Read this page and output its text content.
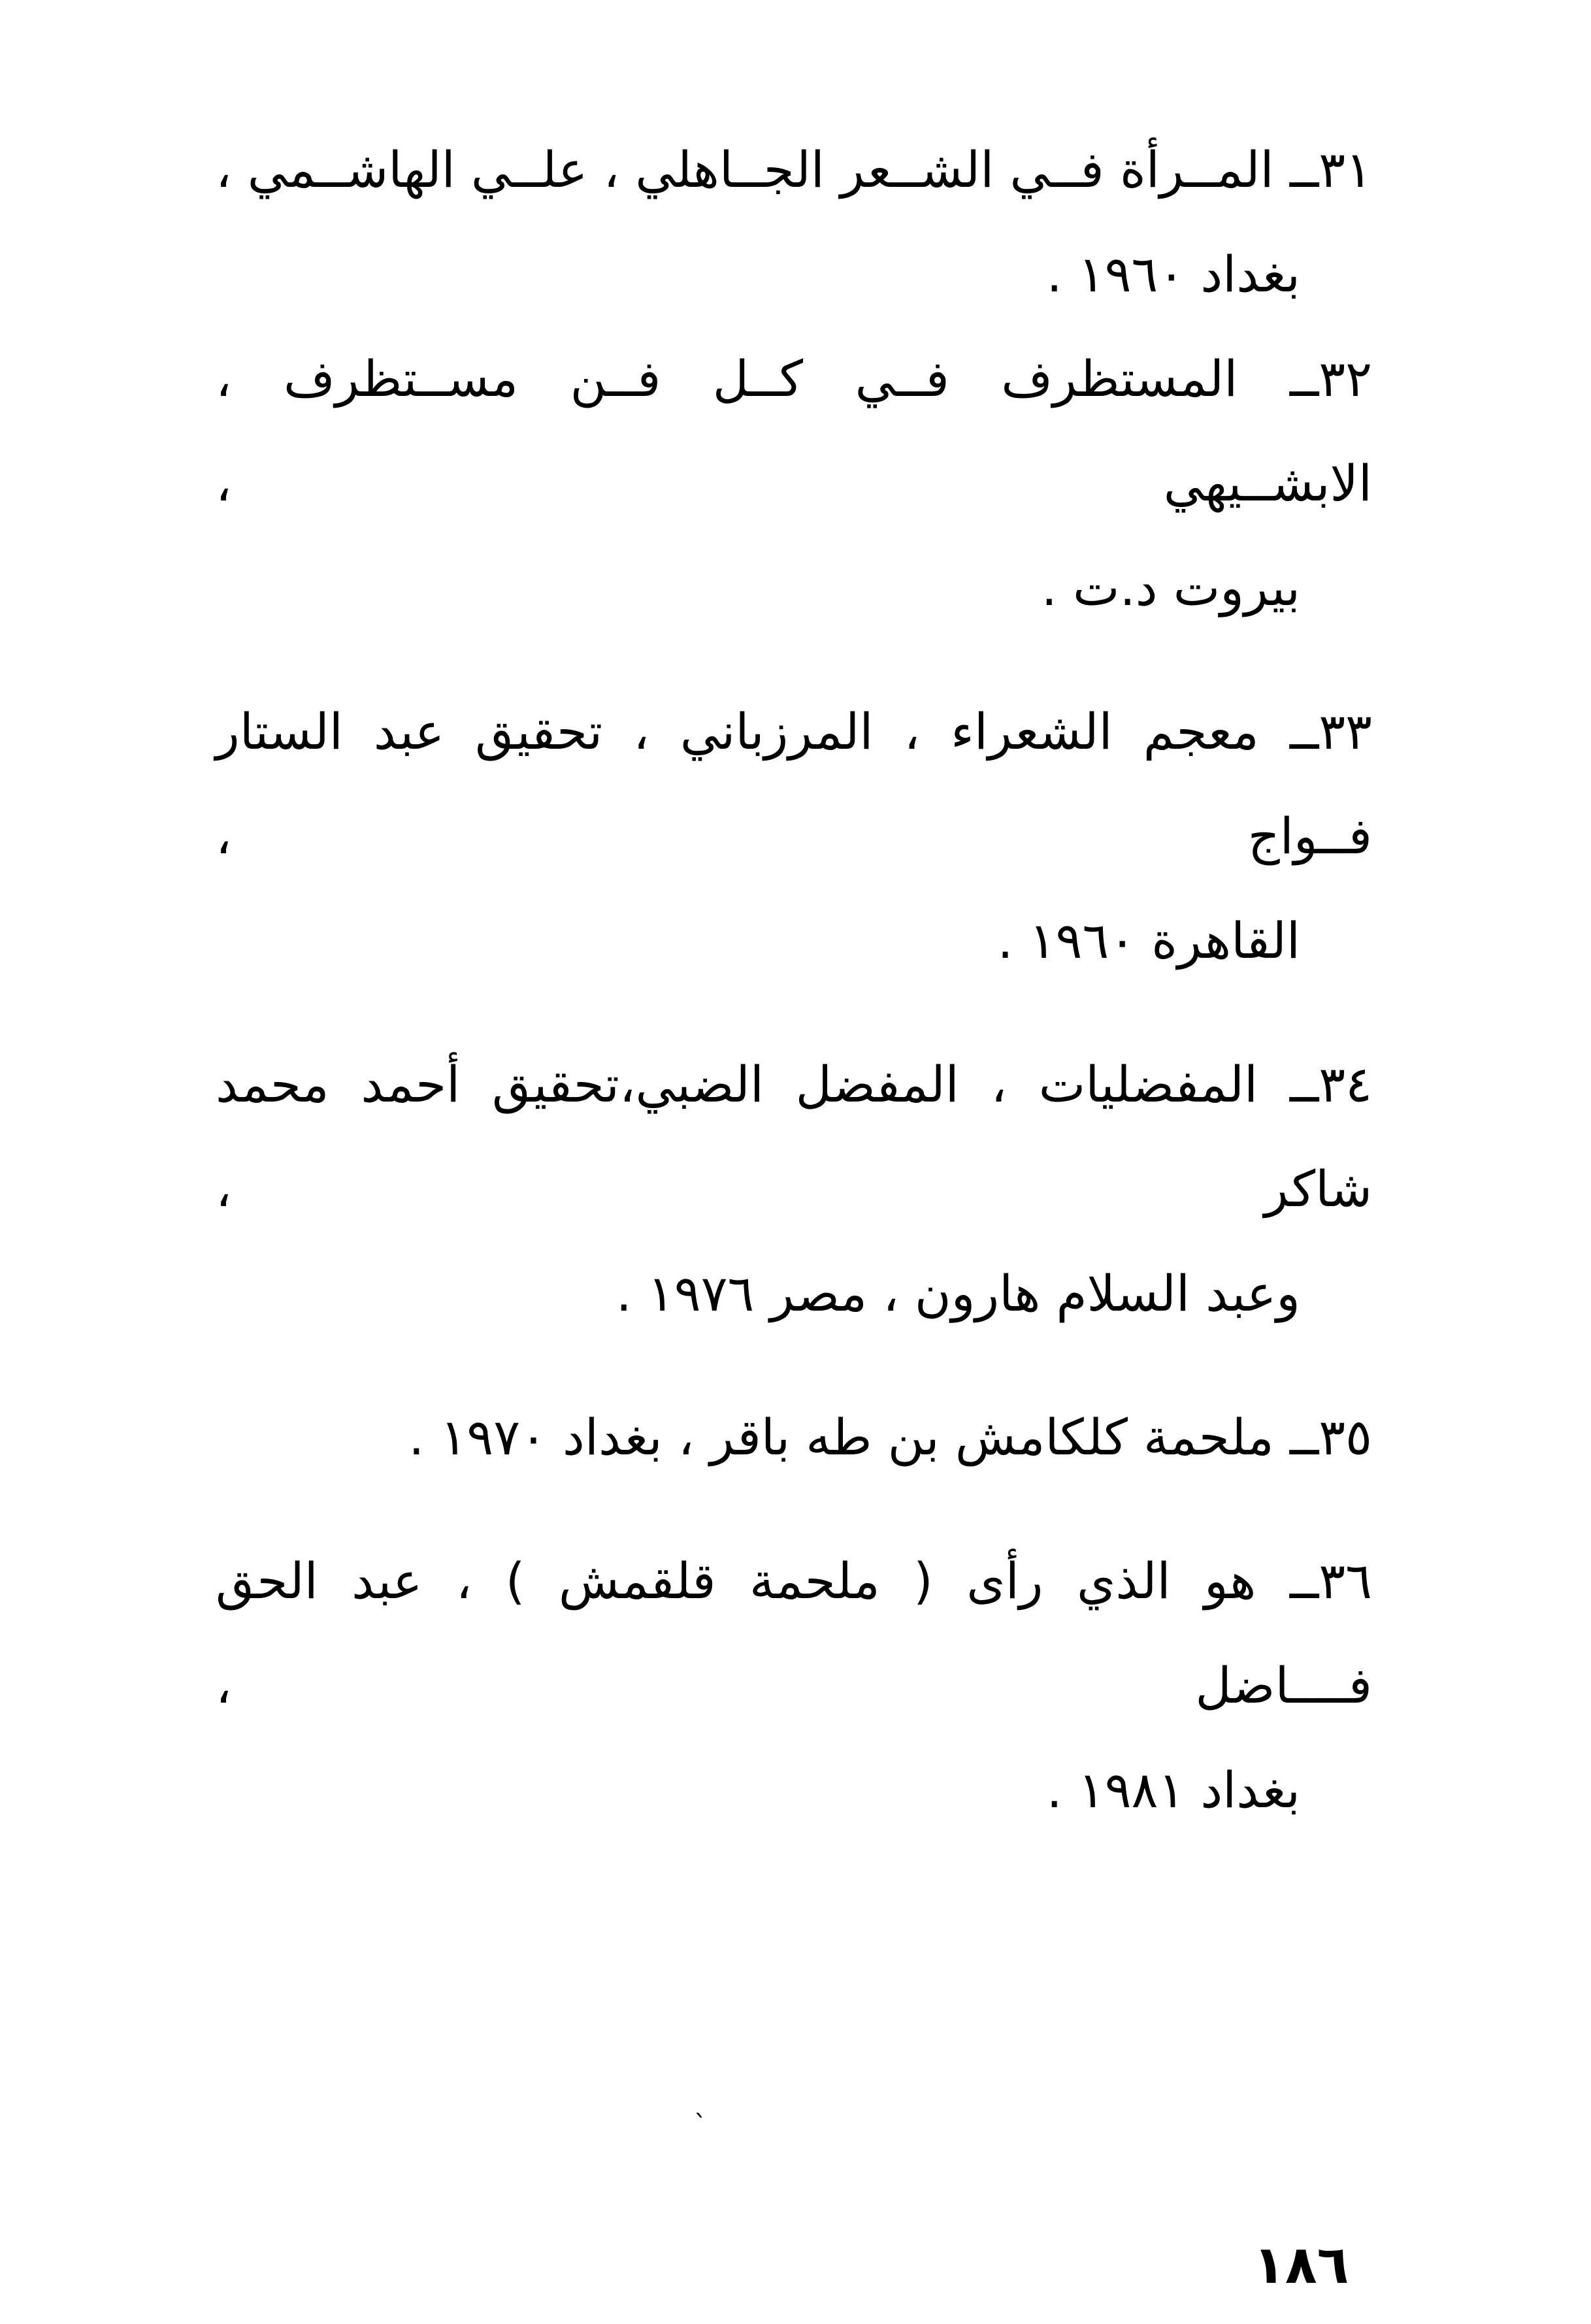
٣١ــ المــرأة فــي الشــعر الجــاهلي ، علــي الهاشــمي ،
بغداد ١٩٦٠ .
٣٢ــ المستظرف فــي كــل فــن مســتظرف ، الابشــيهي ،
بيروت د.ت .
٣٣ــ معجم الشعراء ، المرزباني ، تحقيق عبد الستار فــواج ،
القاهرة ١٩٦٠ .
٣٤ــ المفضليات ، المفضل الضبي،تحقيق أحمد محمد شاكر ،
وعبد السلام هارون ، مصر ١٩٧٦ .
٣٥ــ ملحمة كلكامش بن طه باقر ، بغداد ١٩٧٠ .
٣٦ــ هو الذي رأى ( ملحمة قلقمش ) ، عبد الحق فــــاضل ،
بغداد ١٩٨١ .
ˋ
١٨٦
